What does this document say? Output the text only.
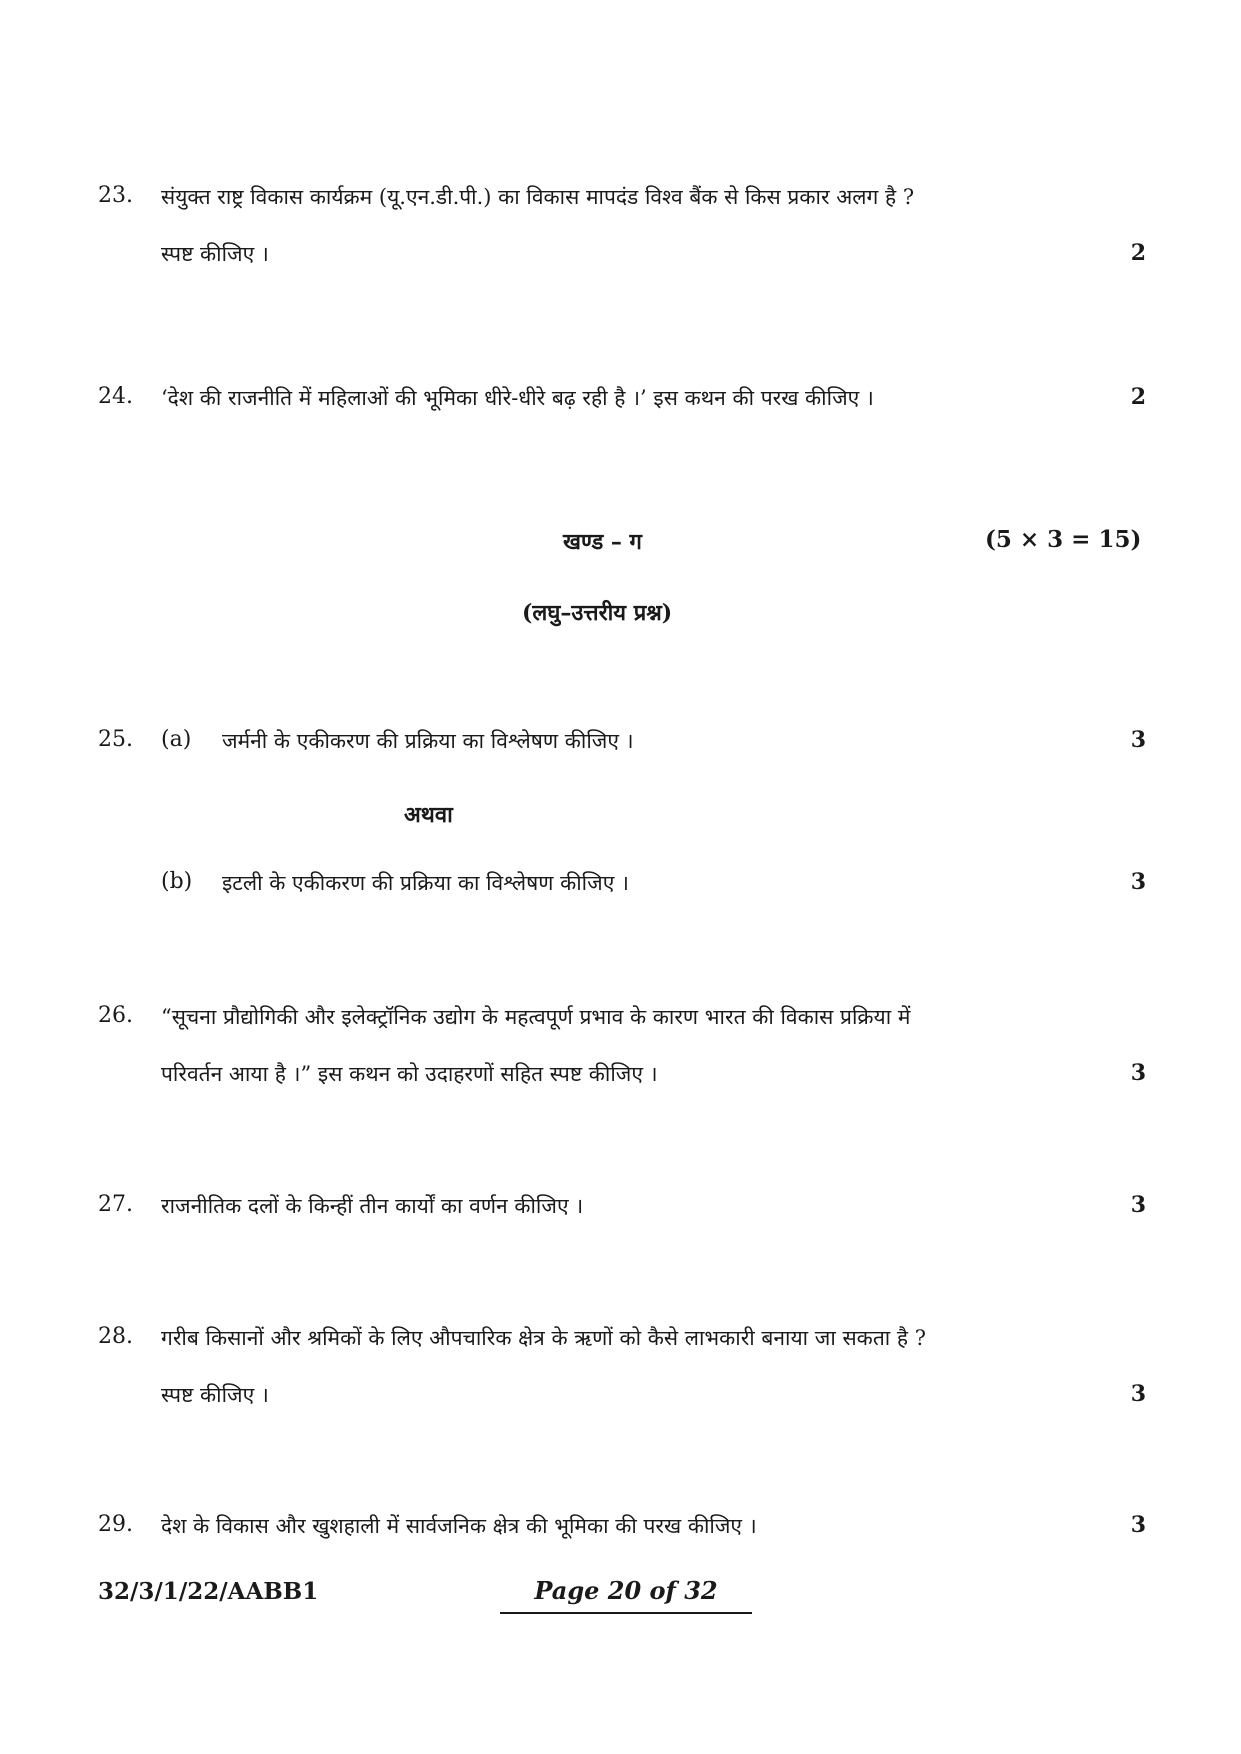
23. संयुक्त राष्ट्र विकास कार्यक्रम (यू.एन.डी.पी.) का विकास मापदंड विश्व बैंक से किस प्रकार अलग है ?
स्पष्ट कीजिए ।	2
24. ‘देश की राजनीति में महिलाओं की भूमिका धीरे-धीरे बढ़ रही है ।’ इस कथन की परख कीजिए ।	2
खण्ड – ग	(5 × 3 = 15)
(लघु–उत्तरीय प्रश्न)
25. (a) जर्मनी के एकीकरण की प्रक्रिया का विश्लेषण कीजिए ।	3
अथवा
(b) इटली के एकीकरण की प्रक्रिया का विश्लेषण कीजिए ।	3
26. “सूचना प्रौद्योगिकी और इलेक्ट्रॉनिक उद्योग के महत्वपूर्ण प्रभाव के कारण भारत की विकास प्रक्रिया में
परिवर्तन आया है ।” इस कथन को उदाहरणों सहित स्पष्ट कीजिए ।	3
27. राजनीतिक दलों के किन्हीं तीन कार्यों का वर्णन कीजिए ।	3
28. गरीब किसानों और श्रमिकों के लिए औपचारिक क्षेत्र के ऋणों को कैसे लाभकारी बनाया जा सकता है ?
स्पष्ट कीजिए ।	3
29. देश के विकास और खुशहाली में सार्वजनिक क्षेत्र की भूमिका की परख कीजिए ।	3
32/3/1/22/AABB1	Page 20 of 32
